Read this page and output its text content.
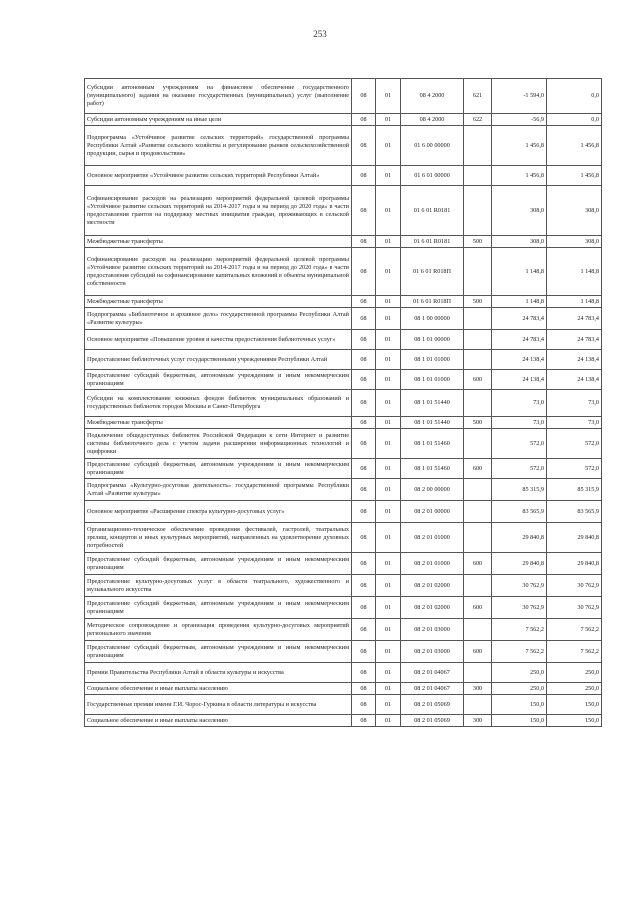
253
Субсидии автономным учреждениям на финансовое обеспечение государственного (муниципального) задания на оказание государственных (муниципальных) услуг (выполнение работ)	08	01	08 4 2000	621	-1 594,0	0,0
Субсидии автономным учреждениям на иные цели	08	01	08 4 2000	622	-56,9	0,0
Подпрограмма «Устойчивое развитие сельских территорий» государственной программы Республики Алтай «Развитие сельского хозяйства и регулирование рынков сельскохозяйственной продукции, сырья и продовольствия»	08	01	01 6 00 00000		1 456,8	1 456,8
Основное мероприятие «Устойчивое развитие сельских территорий Республики Алтай»	08	01	01 6 01 00000		1 456,8	1 456,8
Софинансирование расходов на реализацию мероприятий федеральной целевой программы «Устойчивое развитие сельских территорий на 2014-2017 годы и на период до 2020 года» в части предоставления грантов на поддержку местных инициатив граждан, проживающих в сельской местности	08	01	01 6 01 R0181		308,0	308,0
Межбюджетные трансферты	08	01	01 6 01 R0181	500	308,0	308,0
Софинансирование расходов на реализацию мероприятий федеральной целевой программы «Устойчивое развитие сельских территорий на 2014-2017 годы и на период до 2020 года» в части предоставления субсидий на софинансирование капитальных вложений в объекты муниципальной собственности	08	01	01 6 01 R018П		1 148,8	1 148,8
Межбюджетные трансферты	08	01	01 6 01 R018П	500	1 148,8	1 148,8
Подпрограмма «Библиотечное и архивное дело» государственной программы Республики Алтай «Развитие культуры»	08	01	08 1 00 00000		24 783,4	24 783,4
Основное мероприятие «Повышение уровня и качества предоставления библиотечных услуг»	08	01	08 1 01 00000		24 783,4	24 783,4
Предоставление библиотечных услуг государственными учреждениями Республики Алтай	08	01	08 1 01 01000		24 138,4	24 138,4
Предоставление субсидий бюджетным, автономным учреждениям и иным некоммерческим организациям	08	01	08 1 01 01000	600	24 138,4	24 138,4
Субсидии на комплектование книжных фондов библиотек муниципальных образований и государственных библиотек городов Москвы и Санкт-Петербурга	08	01	08 1 01 51440		73,0	73,0
Межбюджетные трансферты	08	01	08 1 01 51440	500	73,0	73,0
Подключение общедоступных библиотек Российской Федерации к сети Интернет и развитие системы библиотечного дела с учетом задачи расширения информационных технологий и оцифровки	08	01	08 1 01 51460		572,0	572,0
Предоставление субсидий бюджетным, автономным учреждениям и иным некоммерческим организациям	08	01	08 1 01 51460	600	572,0	572,0
Подпрограмма «Культурно-досуговая деятельность» государственной программы Республики Алтай «Развитие культуры»	08	01	08 2 00 00000		85 315,9	85 315,9
Основное мероприятие «Расширение спектра культурно-досуговых услуг»	08	01	08 2 01 00000		83 565,9	83 565,9
Организационно-техническое обеспечение проведения фестивалей, гастролей, театральных зрелищ, концертов и иных культурных мероприятий, направленных на удовлетворение духовных потребностей	08	01	08 2 01 01000		29 840,8	29 840,8
Предоставление субсидий бюджетным, автономным учреждениям и иным некоммерческим организациям	08	01	08 2 01 01000	600	29 840,8	29 840,8
Предоставление культурно-досуговых услуг в области театрального, художественного и музыкального искусства	08	01	08 2 01 02000		30 762,9	30 762,9
Предоставление субсидий бюджетным, автономным учреждениям и иным некоммерческим организациям	08	01	08 2 01 02000	600	30 762,9	30 762,9
Методическое сопровождение и организация проведения культурно-досуговых мероприятий регионального значения	08	01	08 2 01 03000		7 562,2	7 562,2
Предоставление субсидий бюджетным, автономным учреждениям и иным некоммерческим организациям	08	01	08 2 01 03000	600	7 562,2	7 562,2
Премии Правительства Республики Алтай в области культуры и искусства	08	01	08 2 01 04067		250,0	250,0
Социальное обеспечение и иные выплаты населению	08	01	08 2 01 04067	300	250,0	250,0
Государственные премии имени Г.И. Чорос-Гуркина в области литературы и искусства	08	01	08 2 01 05069		150,0	150,0
Социальное обеспечение и иные выплаты населению	08	01	08 2 01 05069	300	150,0	150,0
